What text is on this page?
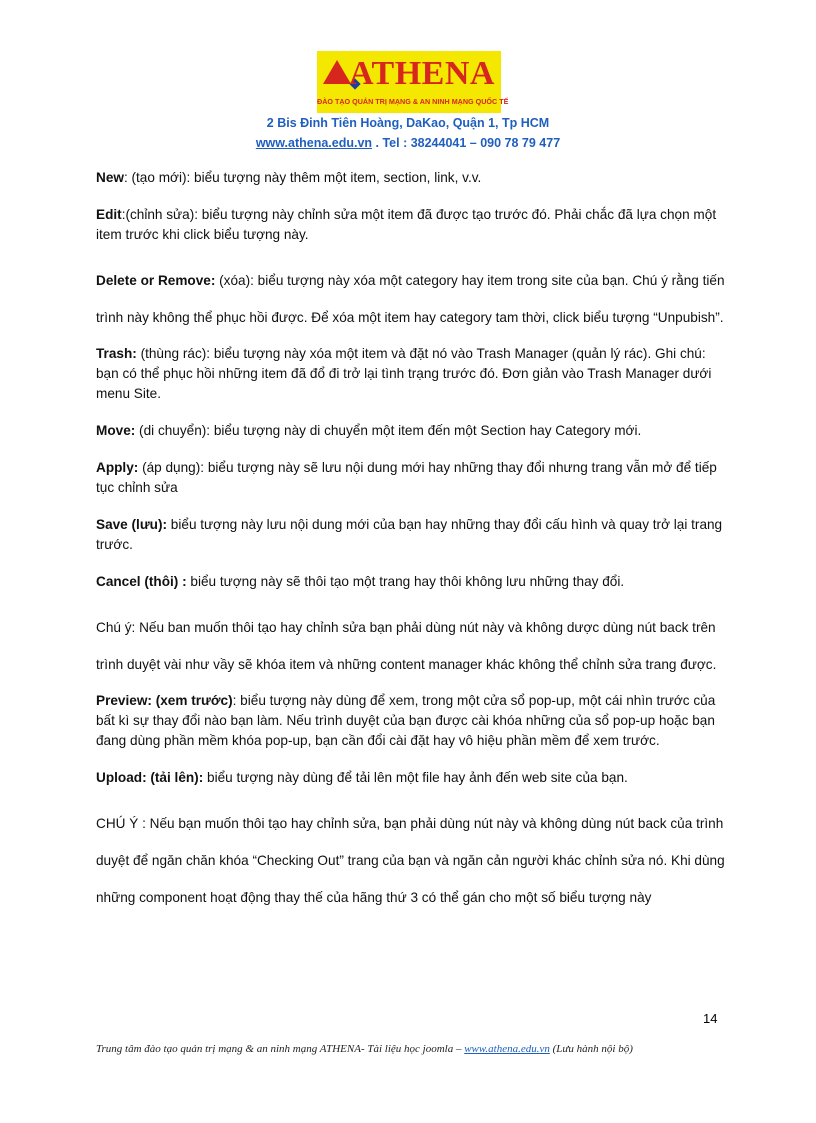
ATHENA
ĐÀO TẠO QUẢN TRỊ MẠNG & AN NINH MẠNG QUỐC TẾ
2 Bis Đinh Tiên Hoàng, DaKao, Quận 1, Tp HCM
www.athena.edu.vn . Tel : 38244041 – 090 78 79 477

New: (tạo mới): biểu tượng này thêm một item, section, link, v.v.

Edit:(chỉnh sửa): biểu tượng này chỉnh sửa một item đã được tạo trước đó. Phải chắc đã lựa chọn một item trước khi click biểu tượng này.

Delete or Remove: (xóa): biểu tượng này xóa một category hay item trong site của bạn. Chú ý rằng tiến trình này không thể phục hồi được. Để xóa một item hay category tam thời, click biểu tượng “Unpubish”.

Trash: (thùng rác): biểu tượng này xóa một item và đặt nó vào Trash Manager (quản lý rác). Ghi chú: bạn có thể phục hồi những item đã đổ đi trở lại tình trạng trước đó. Đơn giản vào Trash Manager dưới menu Site.

Move: (di chuyển): biểu tượng này di chuyển một item đến một Section hay Category mới.

Apply: (áp dụng): biểu tượng này sẽ lưu nội dung mới hay những thay đổi nhưng trang vẫn mở để tiếp tục chỉnh sửa

Save (lưu): biểu tượng này lưu nội dung mới của bạn hay những thay đổi cấu hình và quay trở lại trang trước.

Cancel (thôi) : biểu tượng này sẽ thôi tạo một trang hay thôi không lưu những thay đổi.

Chú ý: Nếu ban muốn thôi tạo hay chỉnh sửa bạn phải dùng nút này và không dược dùng nút back trên trình duyệt vài như vầy sẽ khóa item và những content manager khác không thể chỉnh sửa trang được.

Preview: (xem trước): biểu tượng này dùng để xem, trong một cửa sổ pop-up, một cái nhìn trước của bất kì sự thay đổi nào bạn làm. Nếu trình duyệt của bạn được cài khóa những của sổ pop-up hoặc bạn đang dùng phần mềm khóa pop-up, bạn cần đổi cài đặt hay vô hiệu phần mềm để xem trước.

Upload: (tải lên): biểu tượng này dùng để tải lên một file hay ảnh đến web site của bạn.

CHÚ Ý : Nếu bạn muốn thôi tạo hay chỉnh sửa, bạn phải dùng nút này và không dùng nút back của trình duyệt để ngăn chăn khóa “Checking Out” trang của bạn và ngăn cản người khác chỉnh sửa nó. Khi dùng những component hoạt động thay thế của hãng thứ 3 có thể gán cho một số biểu tượng này

14
Trung tâm đào tạo quản trị mạng & an ninh mạng ATHENA- Tài liệu học joomla – www.athena.edu.vn (Lưu hành nội bộ)
